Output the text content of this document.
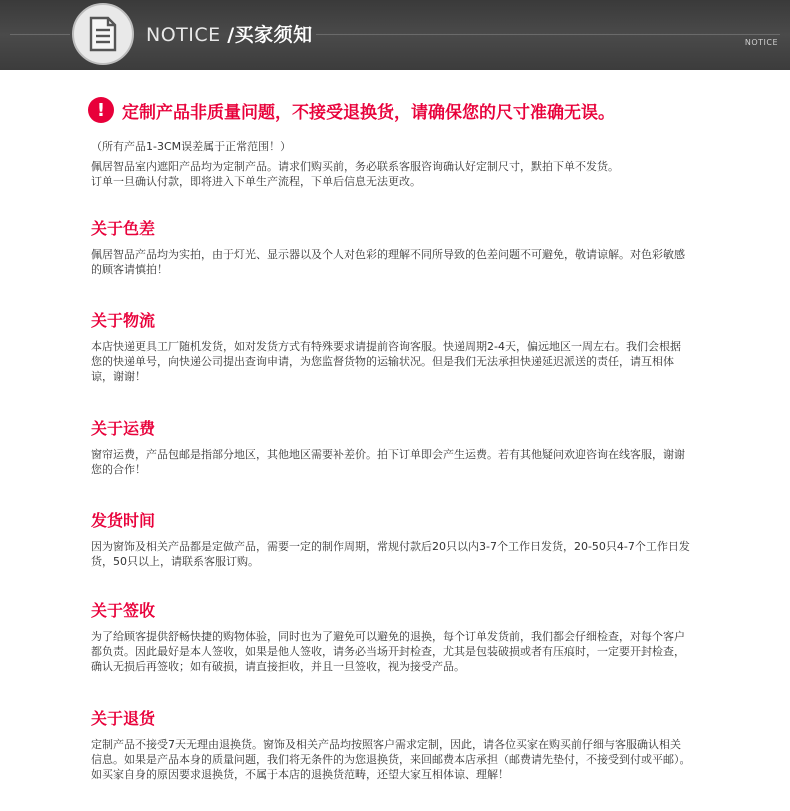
NOTICE /买家须知	NOTICE
! 定制产品非质量问题，不接受退换货，请确保您的尺寸准确无误。
（所有产品1-3CM误差属于正常范围！）
佩居智品室内遮阳产品均为定制产品。请求们购买前，务必联系客服咨询确认好定制尺寸，默拍下单不发货。订单一旦确认付款，即将进入下单生产流程，下单后信息无法更改。
关于色差
佩居智品产品均为实拍，由于灯光、显示器以及个人对色彩的理解不同所导致的色差问题不可避免，敬请谅解。对色彩敏感的顾客请慎拍！
关于物流
本店快递更具工厂随机发货，如对发货方式有特殊要求请提前咨询客服。快递周期2-4天，偏远地区一周左右。我们会根据您的快递单号，向快递公司提出查询申请，为您监督货物的运输状况。但是我们无法承担快递延迟派送的责任，请互相体谅，谢谢！
关于运费
窗帘运费，产品包邮是指部分地区，其他地区需要补差价。拍下订单即会产生运费。若有其他疑问欢迎咨询在线客服，谢谢您的合作！
发货时间
因为窗饰及相关产品都是定做产品，需要一定的制作周期，常规付款后20只以内3-7个工作日发货，20-50只4-7个工作日发货，50只以上，请联系客服订购。
关于签收
为了给顾客提供舒畅快捷的购物体验，同时也为了避免可以避免的退换，每个订单发货前，我们都会仔细检查，对每个客户都负责。因此最好是本人签收，如果是他人签收，请务必当场开封检查，尤其是包装破损或者有压痕时，一定要开封检查，确认无损后再签收；如有破损，请直接拒收，并且一旦签收，视为接受产品。
关于退货
定制产品不接受7天无理由退换货。窗饰及相关产品均按照客户需求定制，因此，请各位买家在购买前仔细与客服确认相关信息。如果是产品本身的质量问题，我们将无条件的为您退换货，来回邮费本店承担（邮费请先垫付，不接受到付或平邮）。如买家自身的原因要求退换货，不属于本店的退换货范畴，还望大家互相体谅、理解！
